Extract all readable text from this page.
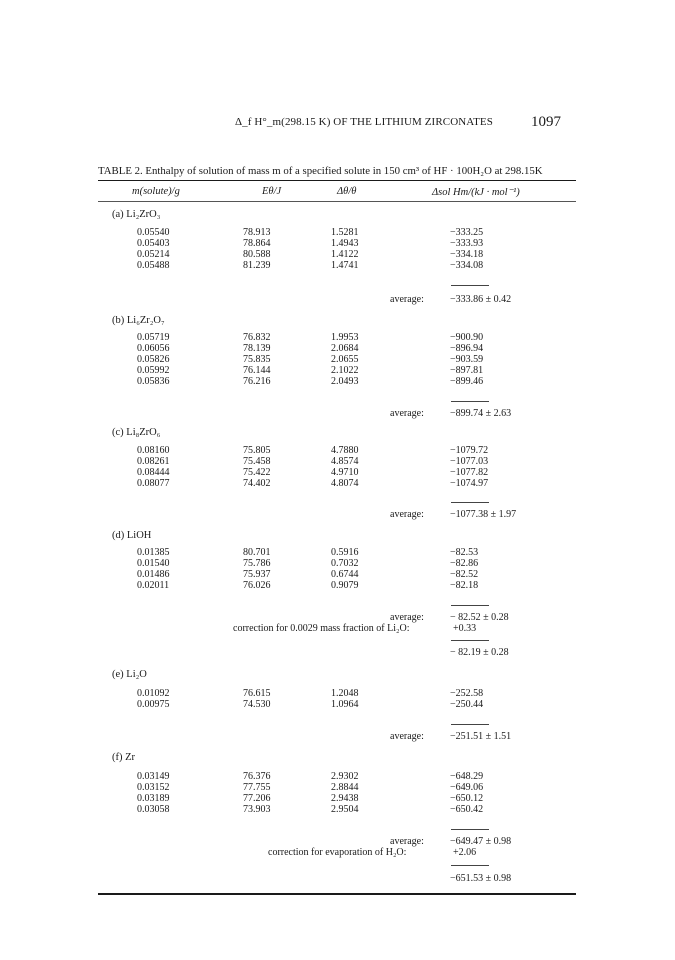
Δ_f H°_m(298.15 K) OF THE LITHIUM ZIRCONATES	1097
TABLE 2. Enthalpy of solution of mass m of a specified solute in 150 cm³ of HF · 100H₂O at 298.15K
m(solute)/g	Eθ/J	Δθ/θ	Δsol Hm/(kJ · mol⁻¹)
(a) Li₂ZrO₃
0.05540	78.913	1.5281	−333.25
0.05403	78.864	1.4943	−333.93
0.05214	80.588	1.4122	−334.18
0.05488	81.239	1.4741	−334.08
average:	−333.86 ± 0.42
(b) Li₆Zr₂O₇
0.05719	76.832	1.9953	−900.90
0.06056	78.139	2.0684	−896.94
0.05826	75.835	2.0655	−903.59
0.05992	76.144	2.1022	−897.81
0.05836	76.216	2.0493	−899.46
average:	−899.74 ± 2.63
(c) Li₈ZrO₆
0.08160	75.805	4.7880	−1079.72
0.08261	75.458	4.8574	−1077.03
0.08444	75.422	4.9710	−1077.82
0.08077	74.402	4.8074	−1074.97
average:	−1077.38 ± 1.97
(d) LiOH
0.01385	80.701	0.5916	−82.53
0.01540	75.786	0.7032	−82.86
0.01486	75.937	0.6744	−82.52
0.02011	76.026	0.9079	−82.18
average:	− 82.52 ± 0.28
correction for 0.0029 mass fraction of Li₂O:	+0.33
− 82.19 ± 0.28
(e) Li₂O
0.01092	76.615	1.2048	−252.58
0.00975	74.530	1.0964	−250.44
average:	−251.51 ± 1.51
(f) Zr
0.03149	76.376	2.9302	−648.29
0.03152	77.755	2.8844	−649.06
0.03189	77.206	2.9438	−650.12
0.03058	73.903	2.9504	−650.42
average:	−649.47 ± 0.98
correction for evaporation of H₂O:	+2.06
−651.53 ± 0.98
